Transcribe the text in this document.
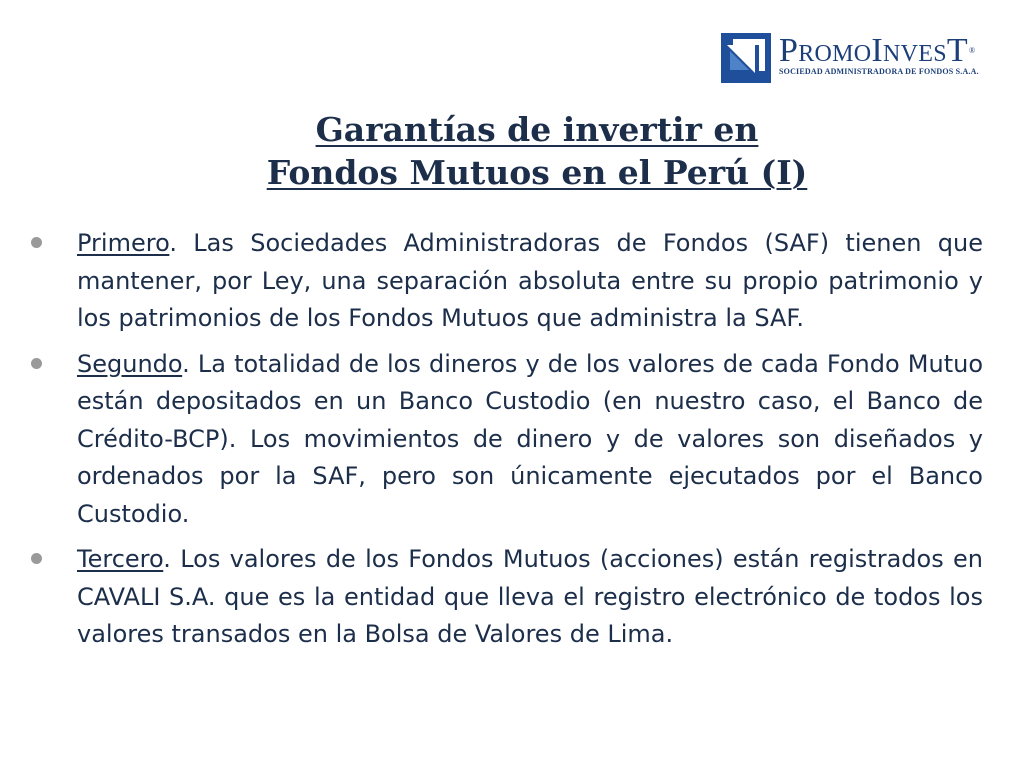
PromoInvesT®
SOCIEDAD ADMINISTRADORA DE FONDOS S.A.A.
Garantías de invertir en
Fondos Mutuos en el Perú (I)

Primero. Las Sociedades Administradoras de Fondos (SAF) tienen que mantener, por Ley, una separación absoluta entre su propio patrimonio y los patrimonios de los Fondos Mutuos que administra la SAF.

Segundo. La totalidad de los dineros y de los valores de cada Fondo Mutuo están depositados en un Banco Custodio (en nuestro caso, el Banco de Crédito-BCP). Los movimientos de dinero y de valores son diseñados y ordenados por la SAF, pero son únicamente ejecutados por el Banco Custodio.

Tercero. Los valores de los Fondos Mutuos (acciones) están registrados en CAVALI S.A. que es la entidad que lleva el registro electrónico de todos los valores transados en la Bolsa de Valores de Lima.
